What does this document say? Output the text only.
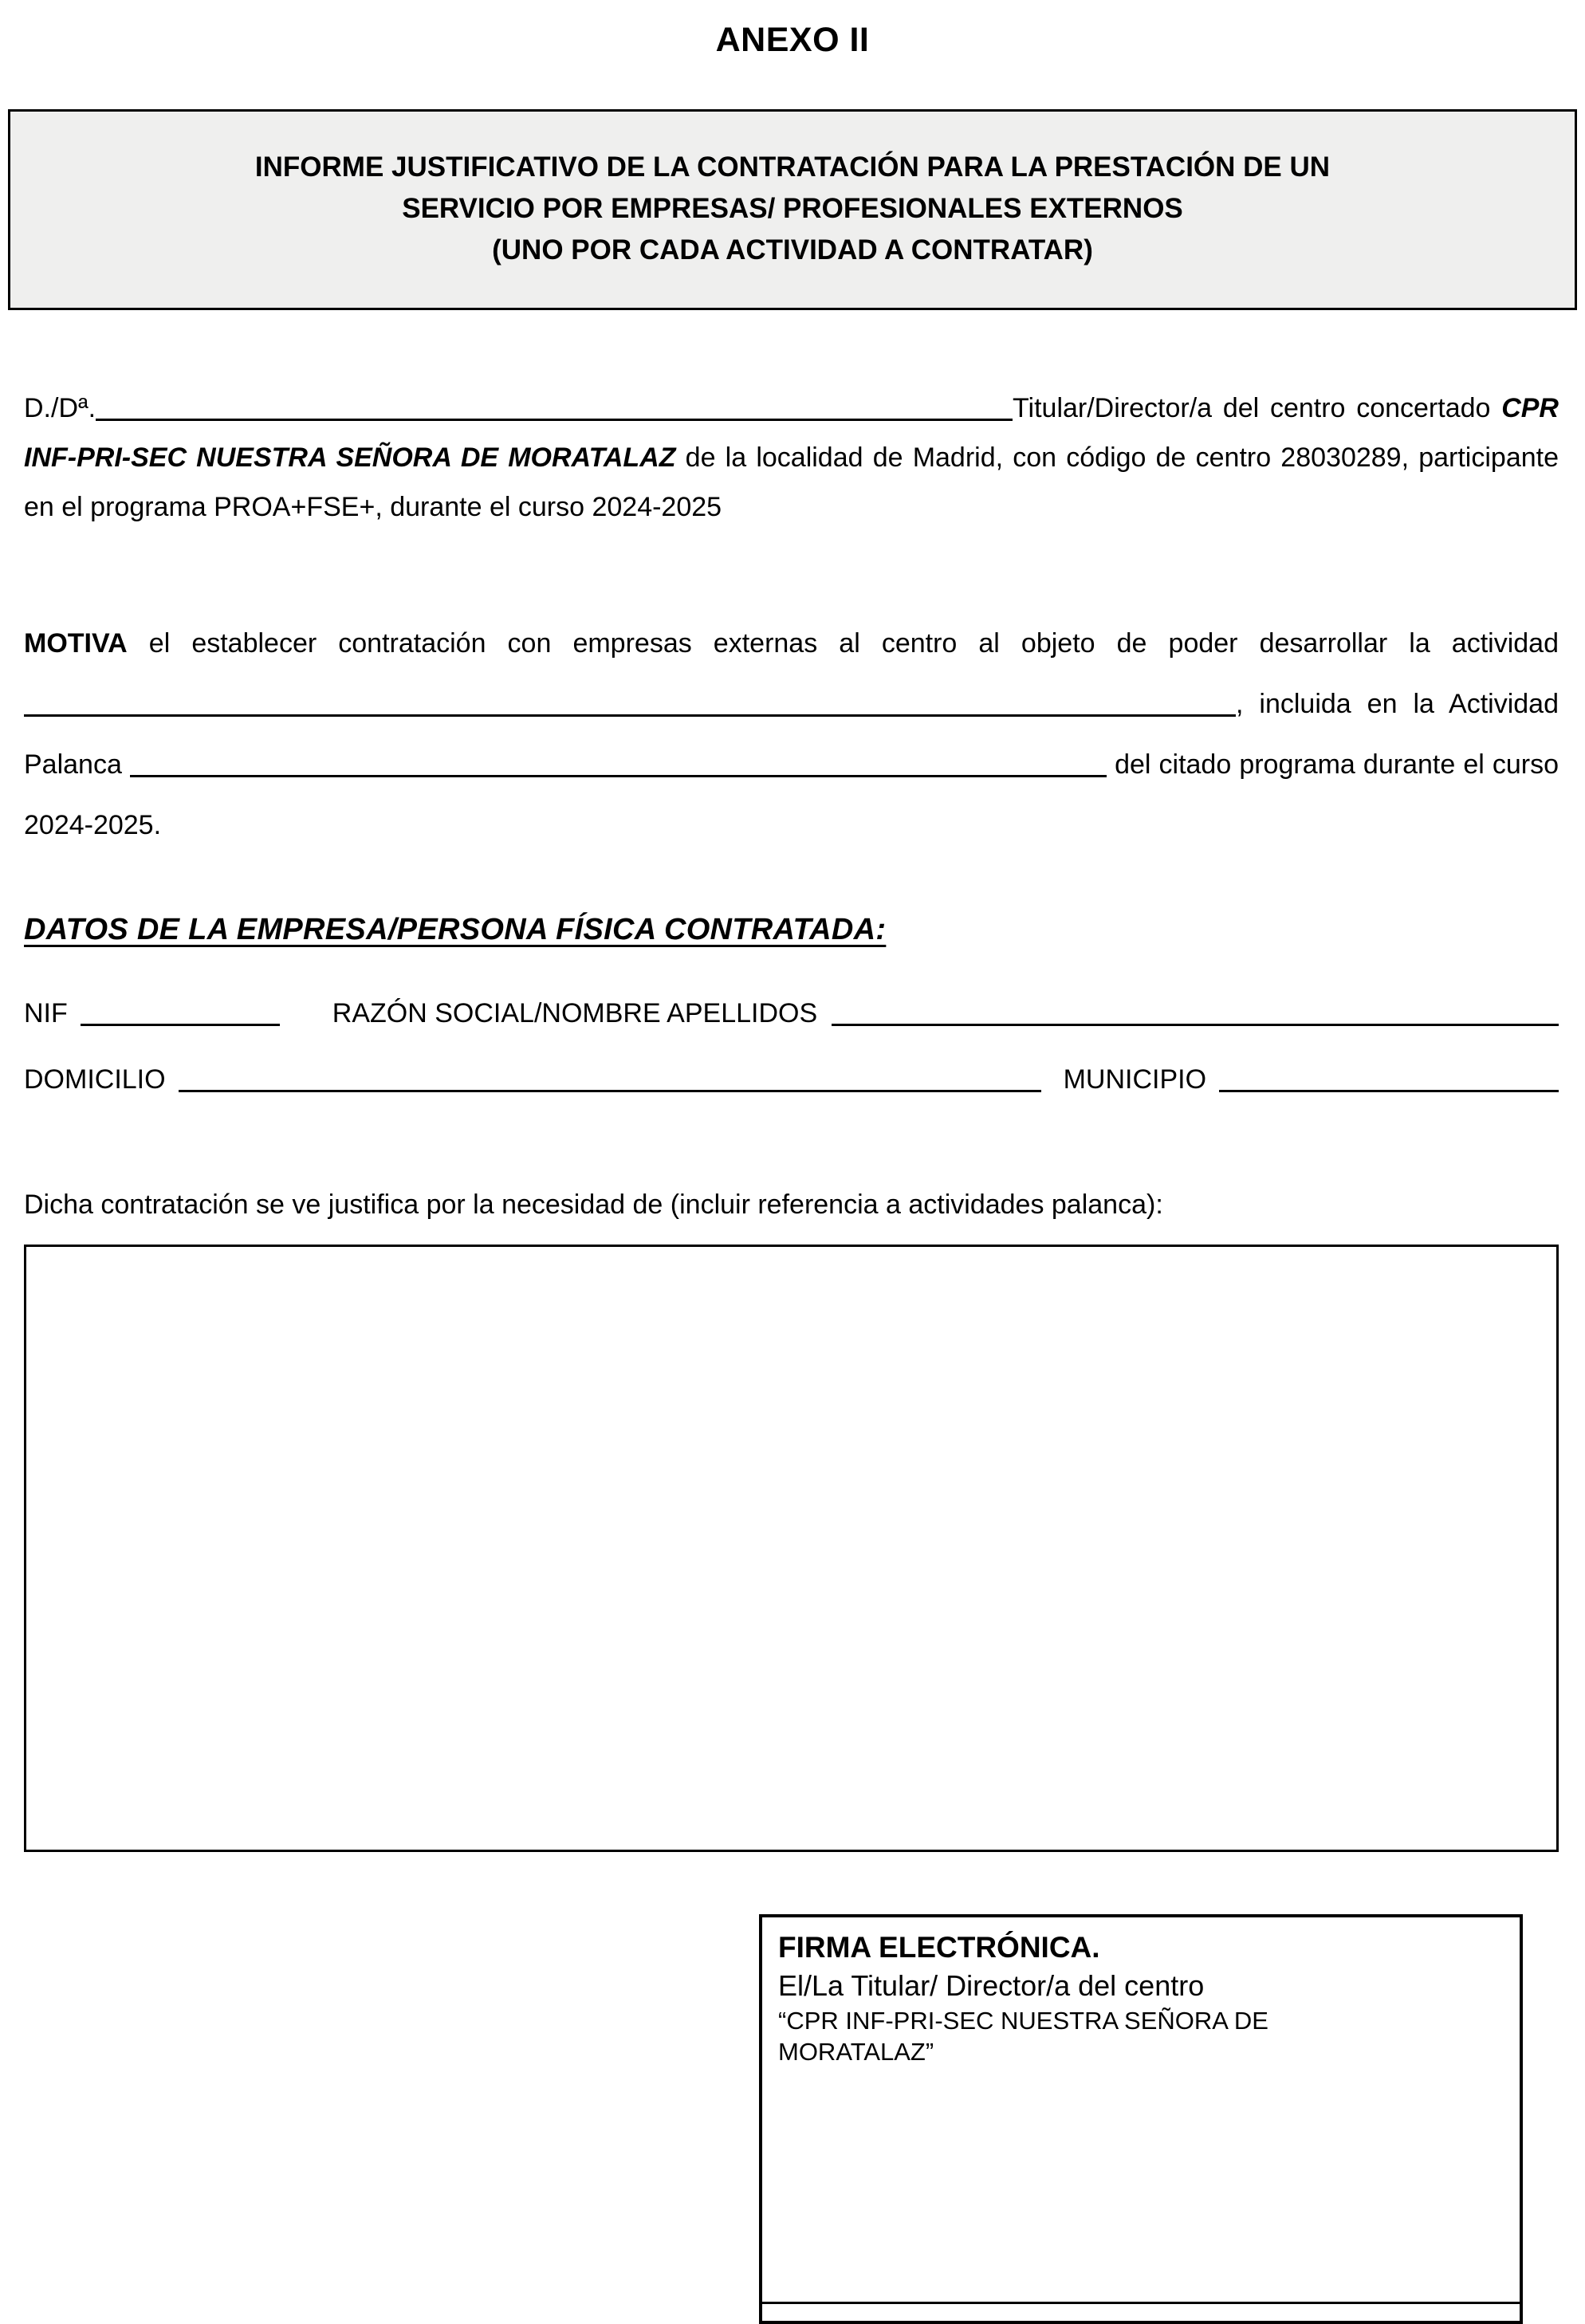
ANEXO II
INFORME JUSTIFICATIVO DE LA CONTRATACIÓN PARA LA PRESTACIÓN DE UN
SERVICIO POR EMPRESAS/ PROFESIONALES EXTERNOS
(UNO POR CADA ACTIVIDAD A CONTRATAR)

D./Dª.	Titular/Director/a del centro concertado CPR INF-PRI-SEC NUESTRA SEÑORA DE MORATALAZ de la localidad de Madrid, con código de centro 28030289, participante en el programa PROA+FSE+, durante el curso 2024-2025

MOTIVA el establecer contratación con empresas externas al centro al objeto de poder desarrollar la actividad , incluida en la Actividad Palanca	del citado programa durante el curso 2024-2025.

DATOS DE LA EMPRESA/PERSONA FÍSICA CONTRATADA:
NIF	RAZÓN SOCIAL/NOMBRE APELLIDOS
DOMICILIO	MUNICIPIO
Dicha contratación se ve justifica por la necesidad de (incluir referencia a actividades palanca):
FIRMA ELECTRÓNICA.
El/La Titular/ Director/a del centro
“CPR INF-PRI-SEC NUESTRA SEÑORA DE
MORATALAZ”
